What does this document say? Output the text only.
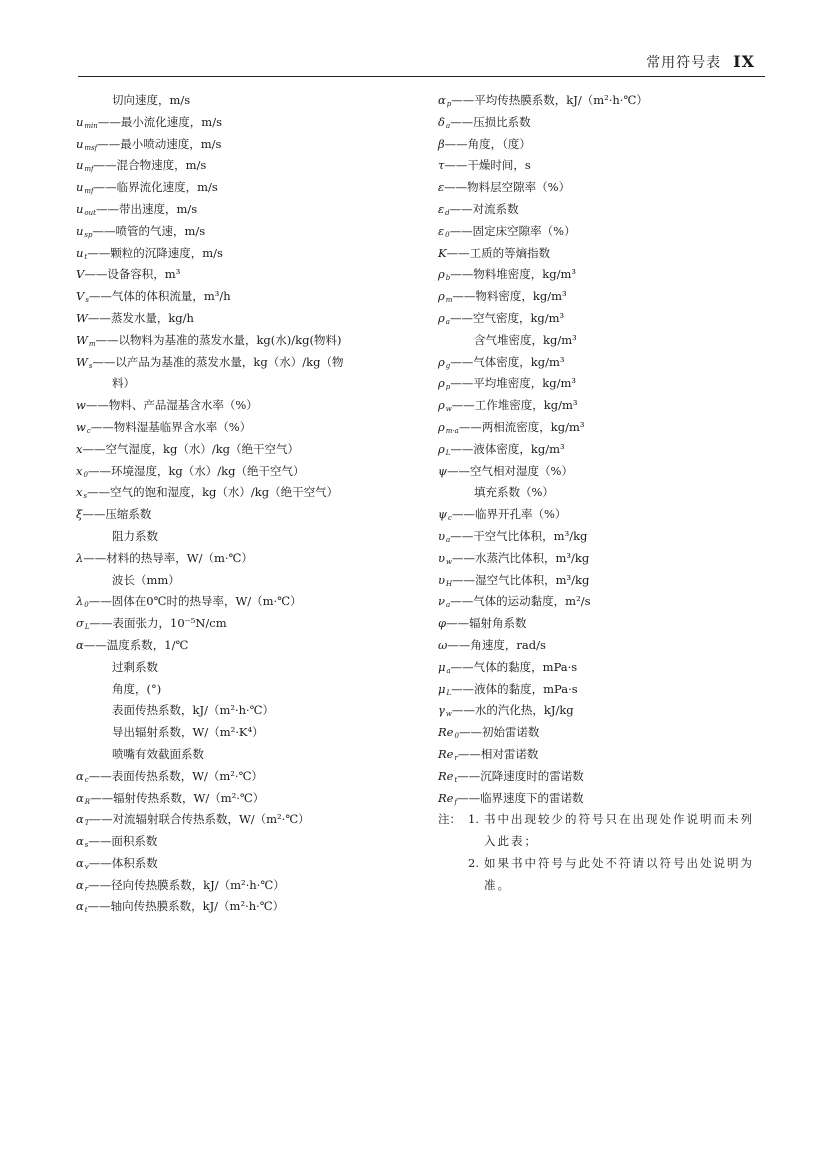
常用符号表 IX
切向速度，m/s
$u_{min}——$最小流化速度，m/s
$u_{msf}——$最小喷动速度，m/s
$u_{mf}——$混合物速度，m/s
$u_{mf}——$临界流化速度，m/s
$u_{out}——$带出速度，m/s
$u_{sp}——$喷管的气速，m/s
$u_t——$颗粒的沉降速度，m/s
V——设备容积，m³
$V_s——$气体的体积流量，m³/h
W——蒸发水量，kg/h
$W_m——$以物料为基准的蒸发水量，kg(水)/kg(物料)
$W_s——$以产品为基准的蒸发水量，kg（水）/kg（物
料）
w——物料、产品湿基含水率（%）
$w_c——$物料湿基临界含水率（%）
x——空气湿度，kg（水）/kg（绝干空气）
$x_0——$环境湿度，kg（水）/kg（绝干空气）
$x_s——$空气的饱和湿度，kg（水）/kg（绝干空气）
ξ——压缩系数
阻力系数
λ——材料的热导率，W/（m·℃）
波长（mm）
$\lambda_0——$固体在0℃时的热导率，W/（m·℃）
$\sigma_L——$表面张力，10⁻⁵N/cm
α——温度系数，1/℃
过剩系数
角度，(°)
表面传热系数，kJ/（m²·h·℃）
导出辐射系数，W/（m²·K⁴）
喷嘴有效截面系数
$\alpha_c——$表面传热系数，W/（m²·℃）
$\alpha_R——$辐射传热系数，W/（m²·℃）
$\alpha_T——$对流辐射联合传热系数，W/（m²·℃）
$\alpha_s——$面积系数
$\alpha_v——$体积系数
$\alpha_r——$径向传热膜系数，kJ/（m²·h·℃）
$\alpha_t——$轴向传热膜系数，kJ/（m²·h·℃）
$\alpha_p——$平均传热膜系数，kJ/（m²·h·℃）
$\delta_a——$压损比系数
β——角度，（度）
τ——干燥时间，s
ε——物料层空隙率（%）
$\varepsilon_d——$对流系数
$\varepsilon_0——$固定床空隙率（%）
K——工质的等熵指数
$\rho_b——$物料堆密度，kg/m³
$\rho_m——$物料密度，kg/m³
$\rho_a——$空气密度，kg/m³
含气堆密度，kg/m³
$\rho_g——$气体密度，kg/m³
$\rho_p——$平均堆密度，kg/m³
$\rho_w——$工作堆密度，kg/m³
$\rho_{m\cdot a}——$两相流密度，kg/m³
$\rho_L——$液体密度，kg/m³
ψ——空气相对湿度（%）
填充系数（%）
$\psi_c——$临界开孔率（%）
$\upsilon_a——$干空气比体积，m³/kg
$\upsilon_w——$水蒸汽比体积，m³/kg
$\upsilon_H——$湿空气比体积，m³/kg
$\nu_a——$气体的运动黏度，m²/s
φ——辐射角系数
ω——角速度，rad/s
$\mu_a——$气体的黏度，mPa·s
$\mu_L——$液体的黏度，mPa·s
$\gamma_w——$水的汽化热，kJ/kg
$Re_0——$初始雷诺数
$Re_r——$相对雷诺数
$Re_t——$沉降速度时的雷诺数
$Re_f——$临界速度下的雷诺数
注： 1. 书中出现较少的符号只在出现处作说明而未列入此表；
2. 如果书中符号与此处不符请以符号出处说明为准。
